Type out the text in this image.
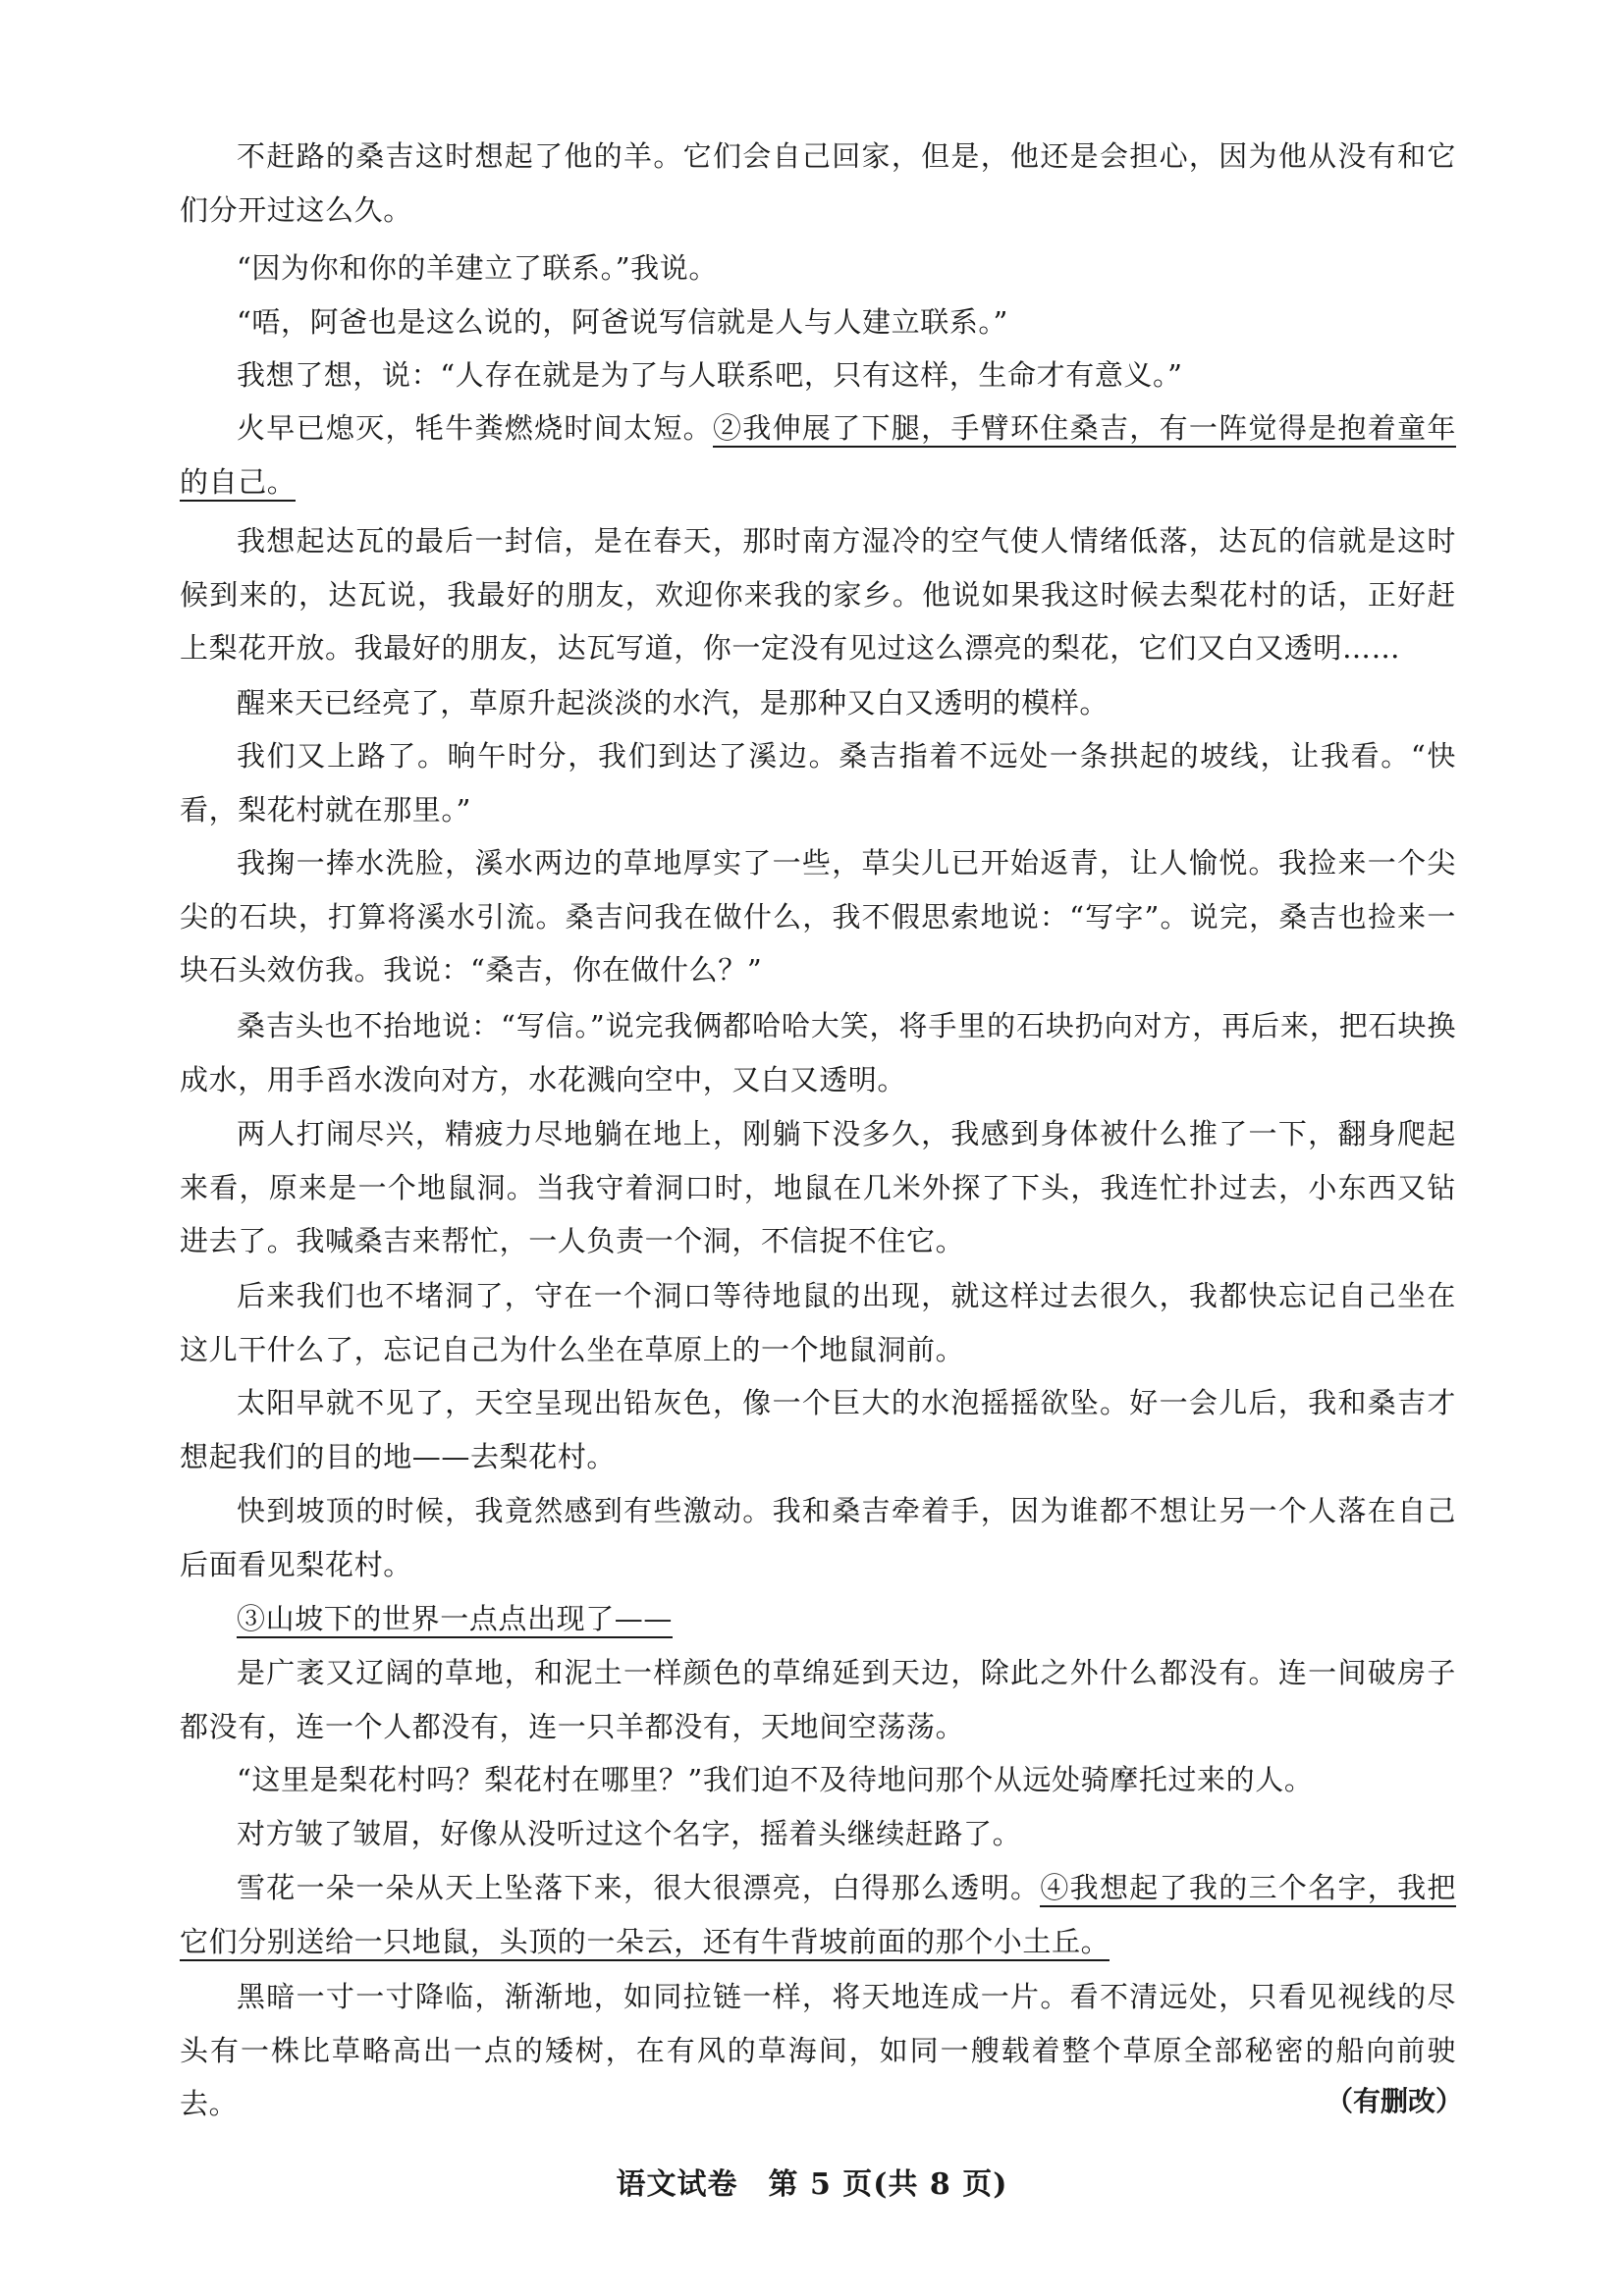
不赶路的桑吉这时想起了他的羊。它们会自己回家，但是，他还是会担心，因为他从没有和它们分开过这么久。

“因为你和你的羊建立了联系。”我说。

“唔，阿爸也是这么说的，阿爸说写信就是人与人建立联系。”

我想了想，说：“人存在就是为了与人联系吧，只有这样，生命才有意义。”

火早已熄灭，牦牛粪燃烧时间太短。②我伸展了下腿，手臂环住桑吉，有一阵觉得是抱着童年的自己。

我想起达瓦的最后一封信，是在春天，那时南方湿冷的空气使人情绪低落，达瓦的信就是这时候到来的，达瓦说，我最好的朋友，欢迎你来我的家乡。他说如果我这时候去梨花村的话，正好赶上梨花开放。我最好的朋友，达瓦写道，你一定没有见过这么漂亮的梨花，它们又白又透明……

醒来天已经亮了，草原升起淡淡的水汽，是那种又白又透明的模样。

我们又上路了。晌午时分，我们到达了溪边。桑吉指着不远处一条拱起的坡线，让我看。“快看，梨花村就在那里。”

我掬一捧水洗脸，溪水两边的草地厚实了一些，草尖儿已开始返青，让人愉悦。我捡来一个尖尖的石块，打算将溪水引流。桑吉问我在做什么，我不假思索地说：“写字”。说完，桑吉也捡来一块石头效仿我。我说：“桑吉，你在做什么？”

桑吉头也不抬地说：“写信。”说完我俩都哈哈大笑，将手里的石块扔向对方，再后来，把石块换成水，用手舀水泼向对方，水花溅向空中，又白又透明。

两人打闹尽兴，精疲力尽地躺在地上，刚躺下没多久，我感到身体被什么推了一下，翻身爬起来看，原来是一个地鼠洞。当我守着洞口时，地鼠在几米外探了下头，我连忙扑过去，小东西又钻进去了。我喊桑吉来帮忙，一人负责一个洞，不信捉不住它。

后来我们也不堵洞了，守在一个洞口等待地鼠的出现，就这样过去很久，我都快忘记自己坐在这儿干什么了，忘记自己为什么坐在草原上的一个地鼠洞前。

太阳早就不见了，天空呈现出铅灰色，像一个巨大的水泡摇摇欲坠。好一会儿后，我和桑吉才想起我们的目的地——去梨花村。

快到坡顶的时候，我竟然感到有些激动。我和桑吉牵着手，因为谁都不想让另一个人落在自己后面看见梨花村。

③山坡下的世界一点点出现了——

是广袤又辽阔的草地，和泥土一样颜色的草绵延到天边，除此之外什么都没有。连一间破房子都没有，连一个人都没有，连一只羊都没有，天地间空荡荡。

“这里是梨花村吗？梨花村在哪里？”我们迫不及待地问那个从远处骑摩托过来的人。

对方皱了皱眉，好像从没听过这个名字，摇着头继续赶路了。

雪花一朵一朵从天上坠落下来，很大很漂亮，白得那么透明。④我想起了我的三个名字，我把它们分别送给一只地鼠，头顶的一朵云，还有牛背坡前面的那个小土丘。

黑暗一寸一寸降临，渐渐地，如同拉链一样，将天地连成一片。看不清远处，只看见视线的尽头有一株比草略高出一点的矮树，在有风的草海间，如同一艘载着整个草原全部秘密的船向前驶去。	（有删改）
语文试卷　第 5 页(共 8 页)
